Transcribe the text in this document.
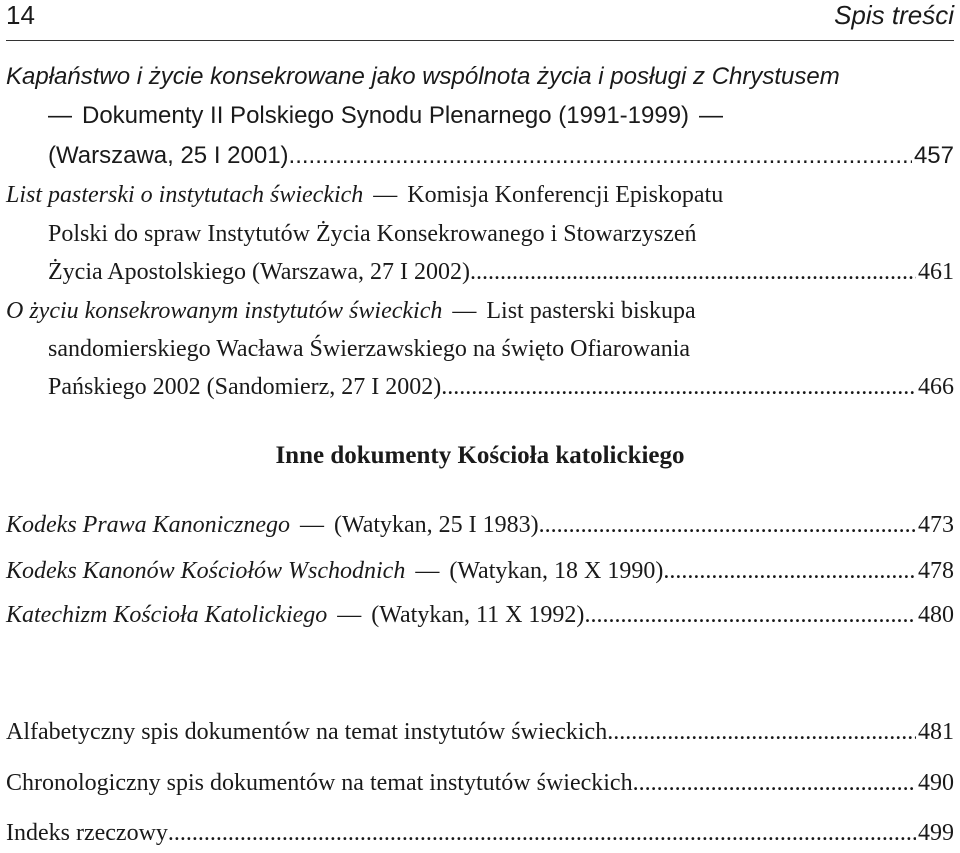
14	Spis treści
Kapłaństwo i życie konsekrowane jako wspólnota życia i posługi z Chrystusem
— Dokumenty II Polskiego Synodu Plenarnego (1991-1999) —
(Warszawa, 25 I 2001) .....	457
List pasterski o instytutach świeckich — Komisja Konferencji Episkopatu
Polski do spraw Instytutów Życia Konsekrowanego i Stowarzyszeń
Życia Apostolskiego (Warszawa, 27 I 2002) .....	461
O życiu konsekrowanym instytutów świeckich — List pasterski biskupa
sandomierskiego Wacława Świerzawskiego na święto Ofiarowania
Pańskiego 2002 (Sandomierz, 27 I 2002) .....	466
Inne dokumenty Kościoła katolickiego
Kodeks Prawa Kanonicznego — (Watykan, 25 I 1983) .....	473
Kodeks Kanonów Kościołów Wschodnich — (Watykan, 18 X 1990) .....	478
Katechizm Kościoła Katolickiego — (Watykan, 11 X 1992) .....	480
Alfabetyczny spis dokumentów na temat instytutów świeckich .....	481
Chronologiczny spis dokumentów na temat instytutów świeckich .....	490
Indeks rzeczowy .....	499
